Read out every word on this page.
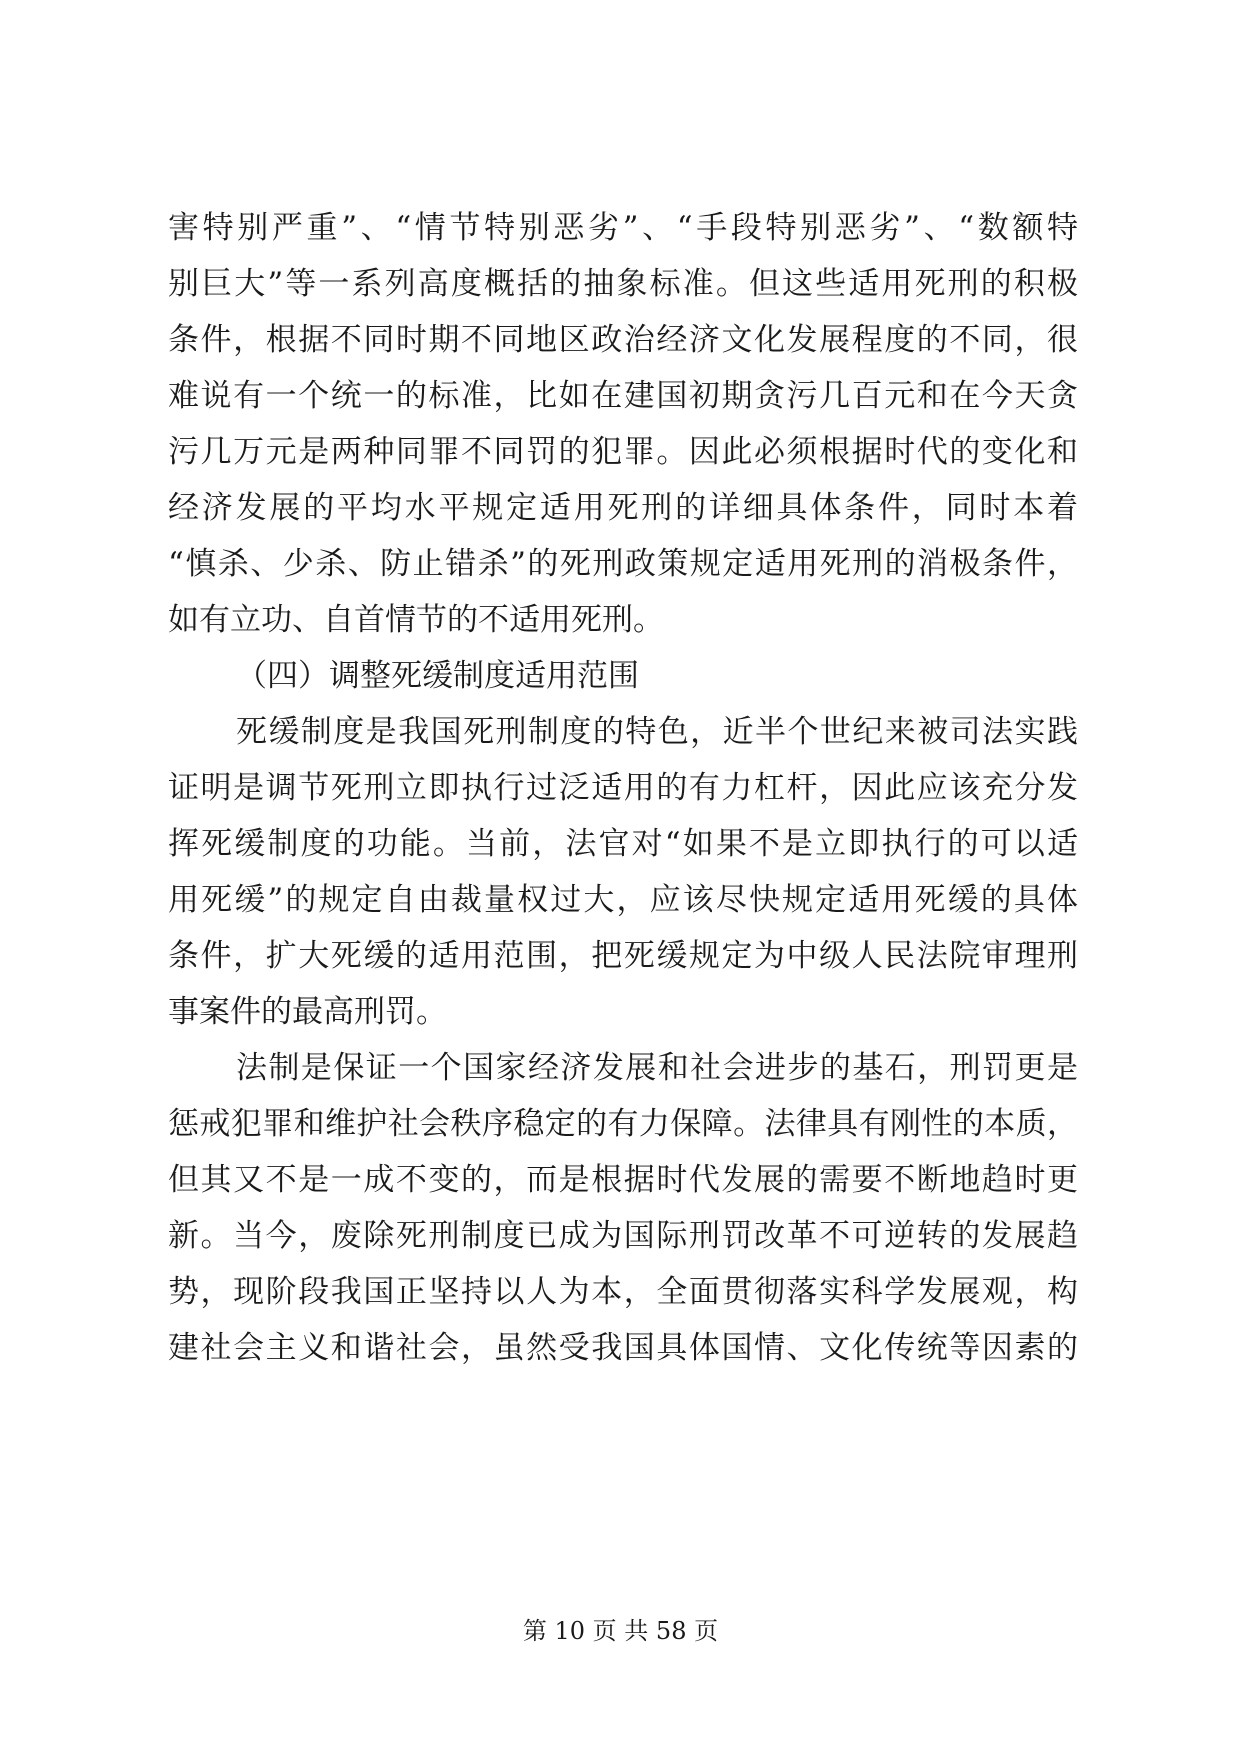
害特别严重”、“情节特别恶劣”、“手段特别恶劣”、“数额特
别巨大”等一系列高度概括的抽象标准。但这些适用死刑的积极
条件，根据不同时期不同地区政治经济文化发展程度的不同，很
难说有一个统一的标准，比如在建国初期贪污几百元和在今天贪
污几万元是两种同罪不同罚的犯罪。因此必须根据时代的变化和
经济发展的平均水平规定适用死刑的详细具体条件，同时本着
“慎杀、少杀、防止错杀”的死刑政策规定适用死刑的消极条件，
如有立功、自首情节的不适用死刑。
（四）调整死缓制度适用范围
死缓制度是我国死刑制度的特色，近半个世纪来被司法实践
证明是调节死刑立即执行过泛适用的有力杠杆，因此应该充分发
挥死缓制度的功能。当前，法官对“如果不是立即执行的可以适
用死缓”的规定自由裁量权过大，应该尽快规定适用死缓的具体
条件，扩大死缓的适用范围，把死缓规定为中级人民法院审理刑
事案件的最高刑罚。
法制是保证一个国家经济发展和社会进步的基石，刑罚更是
惩戒犯罪和维护社会秩序稳定的有力保障。法律具有刚性的本质，
但其又不是一成不变的，而是根据时代发展的需要不断地趋时更
新。当今，废除死刑制度已成为国际刑罚改革不可逆转的发展趋
势，现阶段我国正坚持以人为本，全面贯彻落实科学发展观，构
建社会主义和谐社会，虽然受我国具体国情、文化传统等因素的
第 10 页 共 58 页
